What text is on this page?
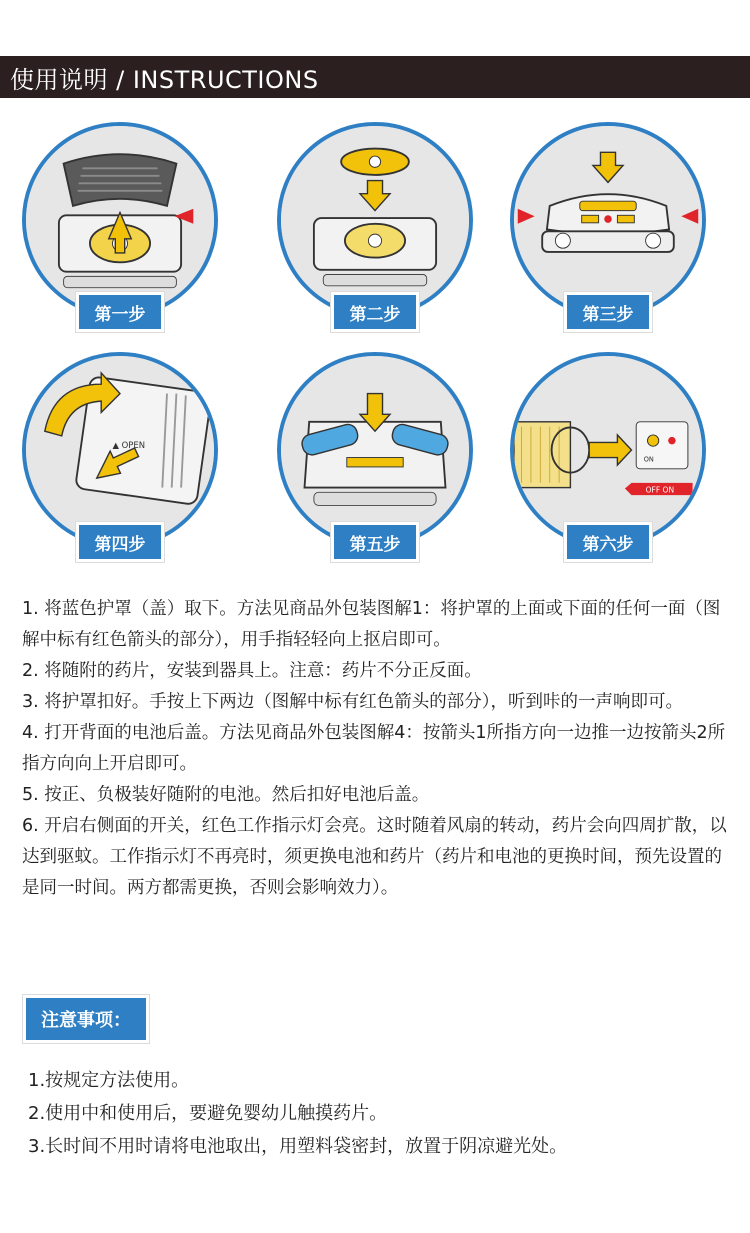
使用说明 / INSTRUCTIONS
第一步	第二步	第三步
▲ OPEN
第四步	第五步
ON
OFF ON
第六步

1. 将蓝色护罩（盖）取下。方法见商品外包装图解1：将护罩的上面或下面的任何一面（图解中标有红色箭头的部分），用手指轻轻向上抠启即可。

2. 将随附的药片，安装到器具上。注意：药片不分正反面。

3. 将护罩扣好。手按上下两边（图解中标有红色箭头的部分），听到咔的一声响即可。

4. 打开背面的电池后盖。方法见商品外包装图解4：按箭头1所指方向一边推一边按箭头2所指方向向上开启即可。

5. 按正、负极装好随附的电池。然后扣好电池后盖。

6. 开启右侧面的开关，红色工作指示灯会亮。这时随着风扇的转动，药片会向四周扩散，以达到驱蚊。工作指示灯不再亮时，须更换电池和药片（药片和电池的更换时间，预先设置的是同一时间。两方都需更换，否则会影响效力）。

注意事项：

1.按规定方法使用。

2.使用中和使用后，要避免婴幼儿触摸药片。

3.长时间不用时请将电池取出，用塑料袋密封，放置于阴凉避光处。
